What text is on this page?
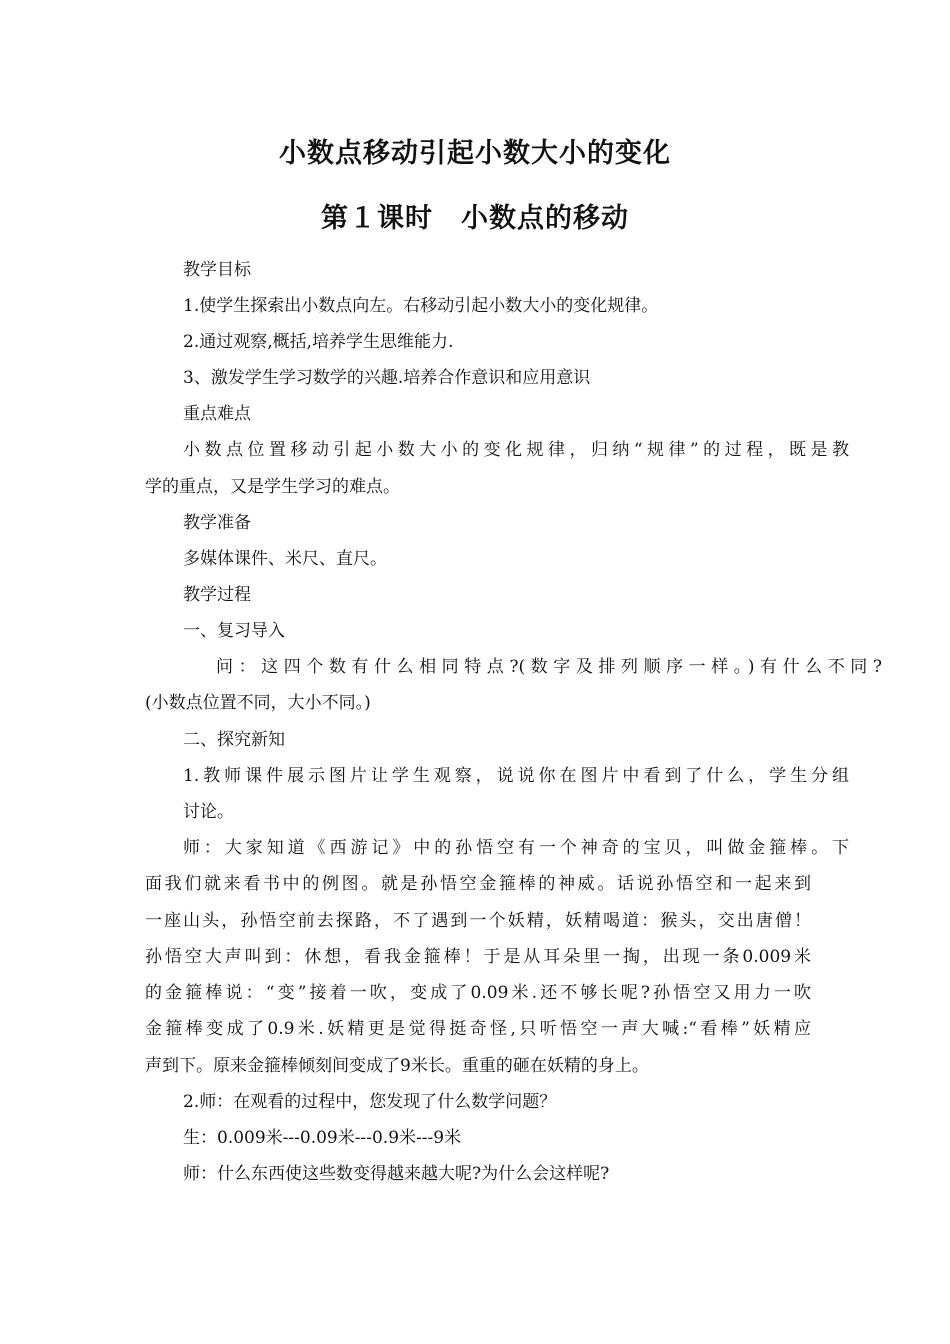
小数点移动引起小数大小的变化
第１课时　小数点的移动
教学目标
1.使学生探索出小数点向左。右移动引起小数大小的变化规律。
2.通过观察,概括,培养学生思维能力.
3、激发学生学习数学的兴趣.培养合作意识和应用意识
重点难点
小数点位置移动引起小数大小的变化规律，归纳“规律”的过程，既是教
学的重点，又是学生学习的难点。
教学准备
多媒体课件、米尺、直尺。
教学过程
一、复习导入
问：这四个数有什么相同特点?(数字及排列顺序一样。)有什么不同?
(小数点位置不同，大小不同。)
二、探究新知
1.教师课件展示图片让学生观察，说说你在图片中看到了什么，学生分组
讨论。
师：大家知道《西游记》中的孙悟空有一个神奇的宝贝，叫做金箍棒。下
面我们就来看书中的例图。就是孙悟空金箍棒的神威。话说孙悟空和一起来到
一座山头，孙悟空前去探路，不了遇到一个妖精，妖精喝道：猴头，交出唐僧！
孙悟空大声叫到：休想，看我金箍棒！于是从耳朵里一掏，出现一条0.009米
的金箍棒说：“变”接着一吹，变成了0.09米.还不够长呢?孙悟空又用力一吹
金箍棒变成了0.9米.妖精更是觉得挺奇怪,只听悟空一声大喊:“看棒”妖精应
声到下。原来金箍棒倾刻间变成了9米长。重重的砸在妖精的身上。
2.师：在观看的过程中，您发现了什么数学问题？
生：0.009米---0.09米---0.9米---9米
师：什么东西使这些数变得越来越大呢?为什么会这样呢?
